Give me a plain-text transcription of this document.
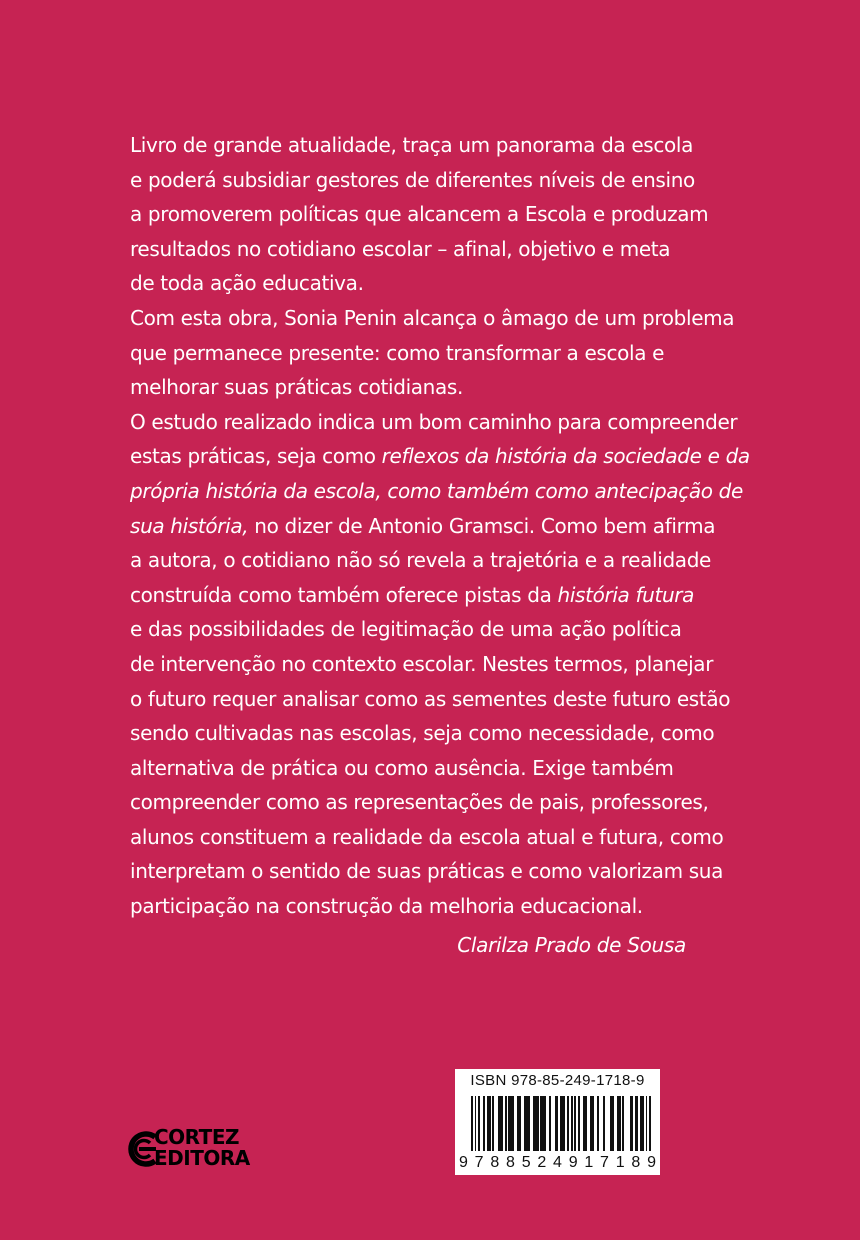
Livro de grande atualidade, traça um panorama da escola
e poderá subsidiar gestores de diferentes níveis de ensino
a promoverem políticas que alcancem a Escola e produzam
resultados no cotidiano escolar – afinal, objetivo e meta
de toda ação educativa.

Com esta obra, Sonia Penin alcança o âmago de um problema
que permanece presente: como transformar a escola e
melhorar suas práticas cotidianas.

O estudo realizado indica um bom caminho para compreender
estas práticas, seja como reflexos da história da sociedade e da
própria história da escola, como também como antecipação de
sua história, no dizer de Antonio Gramsci. Como bem afirma
a autora, o cotidiano não só revela a trajetória e a realidade
construída como também oferece pistas da história futura
e das possibilidades de legitimação de uma ação política
de intervenção no contexto escolar. Nestes termos, planejar
o futuro requer analisar como as sementes deste futuro estão
sendo cultivadas nas escolas, seja como necessidade, como
alternativa de prática ou como ausência. Exige também
compreender como as representações de pais, professores,
alunos constituem a realidade da escola atual e futura, como
interpretam o sentido de suas práticas e como valorizam sua
participação na construção da melhoria educacional.

Clarilza Prado de Sousa
ISBN 978-85-249-1718-9
9 7 8 8 5 2 4 9 1 7 1 8 9
CORTEZ
EDITORA
